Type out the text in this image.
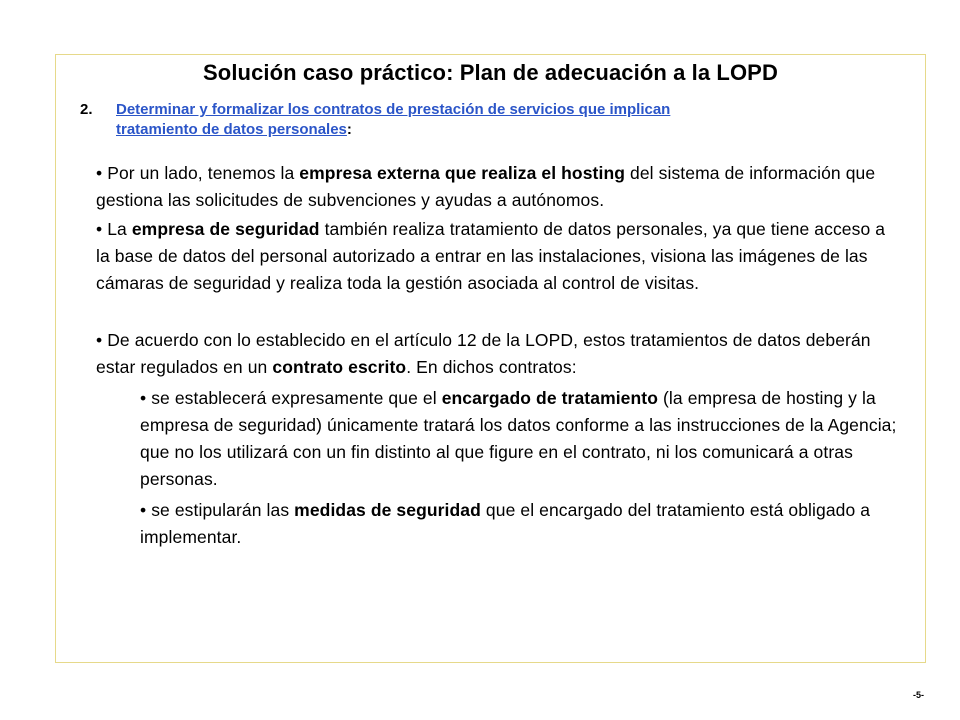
Solución caso práctico: Plan de adecuación a la LOPD
2. Determinar y formalizar los contratos de prestación de servicios que implican
tratamiento de datos personales:

• Por un lado, tenemos la empresa externa que realiza el hosting del sistema de información que gestiona las solicitudes de subvenciones y ayudas a autónomos.

• La empresa de seguridad también realiza tratamiento de datos personales, ya que tiene acceso a la base de datos del personal autorizado a entrar en las instalaciones, visiona las imágenes de las cámaras de seguridad y realiza toda la gestión asociada al control de visitas.

• De acuerdo con lo establecido en el artículo 12 de la LOPD, estos tratamientos de datos deberán estar regulados en un contrato escrito. En dichos contratos:

• se establecerá expresamente que el encargado de tratamiento (la empresa de hosting y la empresa de seguridad) únicamente tratará los datos conforme a las instrucciones de la Agencia; que no los utilizará con un fin distinto al que figure en el contrato, ni los comunicará a otras personas.

• se estipularán las medidas de seguridad que el encargado del tratamiento está obligado a implementar.

-5-
